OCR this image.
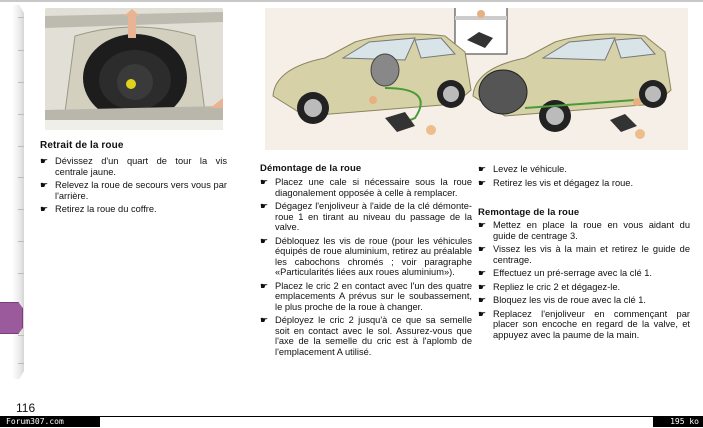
Retrait de la roue
☛ Dévissez d'un quart de tour la vis centrale jaune.
☛ Relevez la roue de secours vers vous par l'arrière.
☛ Retirez la roue du coffre.
Démontage de la roue
☛ Placez une cale si nécessaire sous la roue diagonalement opposée à celle à remplacer.
☛ Dégagez l'enjoliveur à l'aide de la clé démonte-roue 1 en tirant au niveau du passage de la valve.
☛ Débloquez les vis de roue (pour les véhicules équipés de roue aluminium, retirez au préalable les cabochons chromés ; voir paragraphe «Particularités liées aux roues aluminium»).
☛ Placez le cric 2 en contact avec l'un des quatre emplacements A prévus sur le soubassement, le plus proche de la roue à changer.
☛ Déployez le cric 2 jusqu'à ce que sa semelle soit en contact avec le sol. Assurez-vous que l'axe de la semelle du cric est à l'aplomb de l'emplacement A utilisé.
☛ Levez le véhicule.
☛ Retirez les vis et dégagez la roue.
Remontage de la roue
☛ Mettez en place la roue en vous aidant du guide de centrage 3.
☛ Vissez les vis à la main et retirez le guide de centrage.
☛ Effectuez un pré-serrage avec la clé 1.
☛ Repliez le cric 2 et dégagez-le.
☛ Bloquez les vis de roue avec la clé 1.
☛ Replacez l'enjoliveur en commençant par placer son encoche en regard de la valve, et appuyez avec la paume de la main.
116
Forum307.com	195 ko
